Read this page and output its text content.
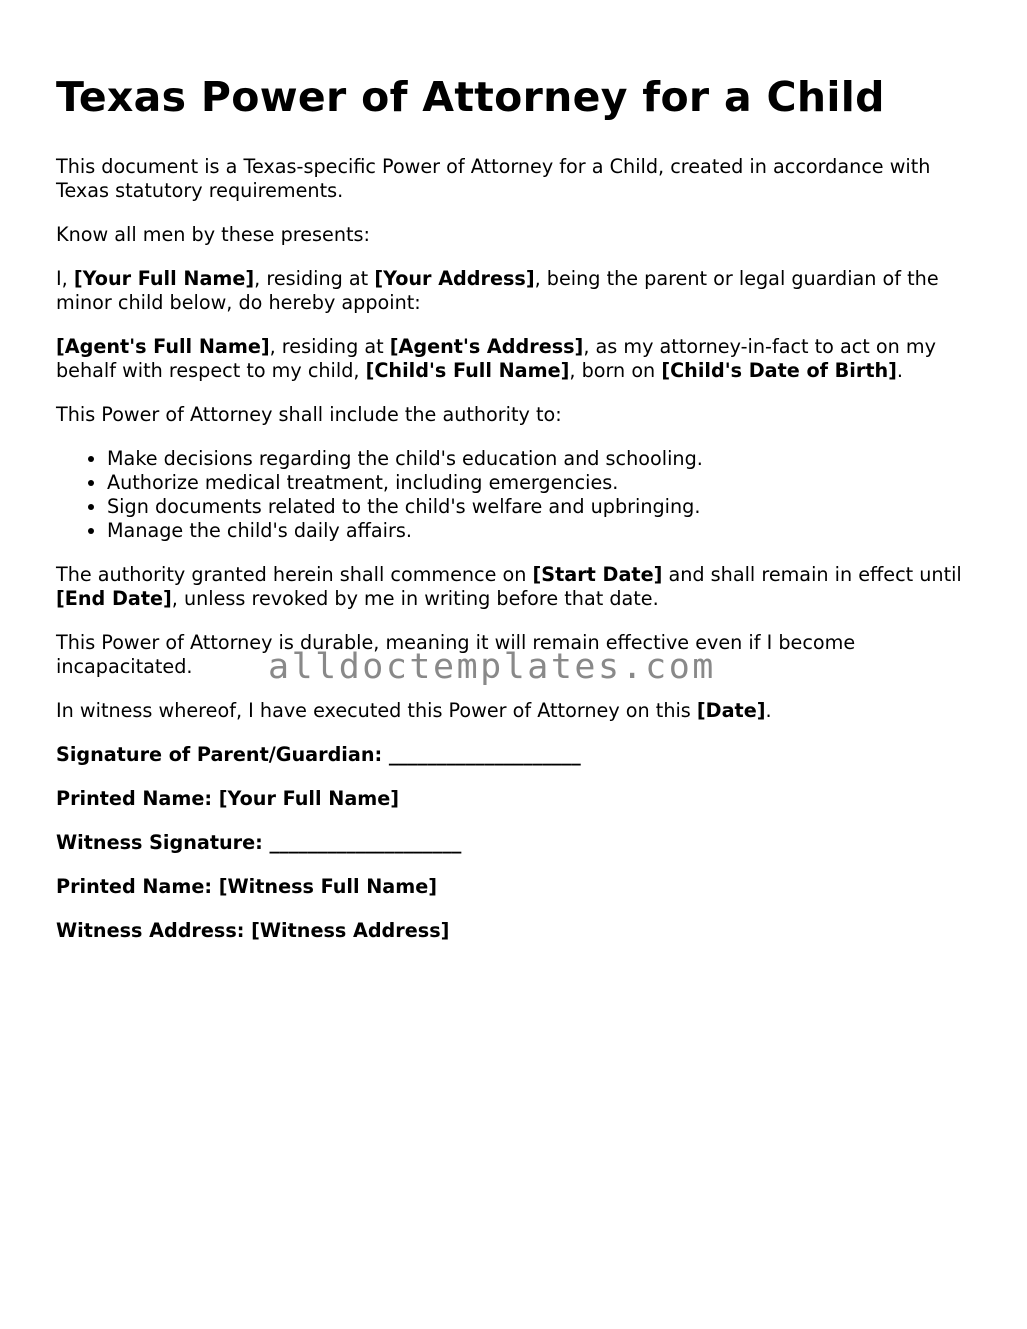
Texas Power of Attorney for a Child

This document is a Texas-specific Power of Attorney for a Child, created in accordance with Texas statutory requirements.

Know all men by these presents:

I, [Your Full Name], residing at [Your Address], being the parent or legal guardian of the minor child below, do hereby appoint:

[Agent's Full Name], residing at [Agent's Address], as my attorney-in-fact to act on my behalf with respect to my child, [Child's Full Name], born on [Child's Date of Birth].

This Power of Attorney shall include the authority to:

• Make decisions regarding the child's education and schooling.
• Authorize medical treatment, including emergencies.
• Sign documents related to the child's welfare and upbringing.
• Manage the child's daily affairs.

The authority granted herein shall commence on [Start Date] and shall remain in effect until [End Date], unless revoked by me in writing before that date.

This Power of Attorney is durable, meaning it will remain effective even if I become incapacitated.

In witness whereof, I have executed this Power of Attorney on this [Date].

Signature of Parent/Guardian: ____________________
Printed Name: [Your Full Name]
Witness Signature: ____________________
Printed Name: [Witness Full Name]
Witness Address: [Witness Address]
alldoctemplates.com
